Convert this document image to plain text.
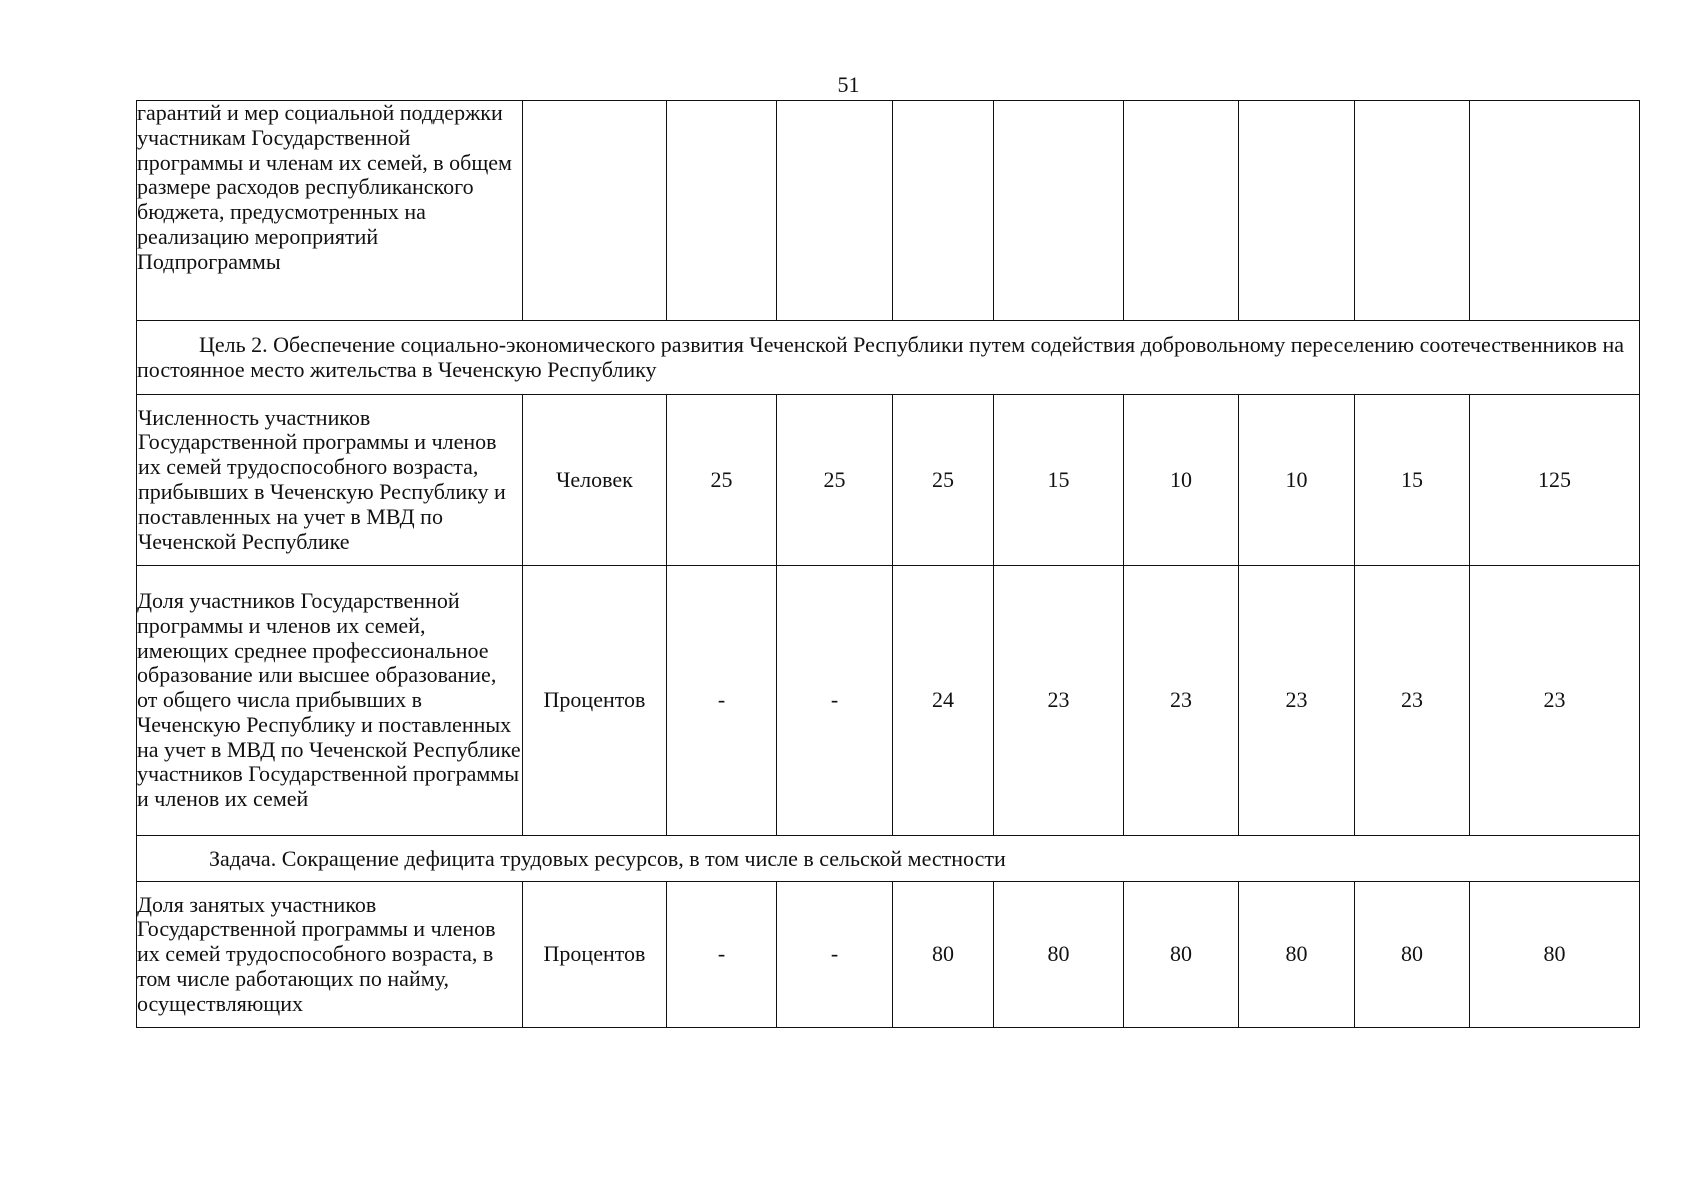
51
гарантий и мер социальной поддержки участникам Государственной программы и членам их семей, в общем размере расходов республиканского бюджета, предусмотренных на реализацию мероприятий Подпрограммы									
Цель 2. Обеспечение социально-экономического развития Чеченской Республики путем содействия добровольному переселению соотечественников на постоянное место жительства в Чеченскую Республику									
Численность участников Государственной программы и членов их семей трудоспособного возраста, прибывших в Чеченскую Республику и поставленных на учет в МВД по Чеченской Республике	Человек	25	25	25	15	10	10	15	125
Доля участников Государственной программы и членов их семей, имеющих среднее профессиональное образование или высшее образование, от общего числа прибывших в Чеченскую Республику и поставленных на учет в МВД по Чеченской Республике участников Государственной программы и членов их семей	Процентов	-	-	24	23	23	23	23	23
Задача. Сокращение дефицита трудовых ресурсов, в том числе в сельской местности									
Доля занятых участников Государственной программы и членов их семей трудоспособного возраста, в том числе работающих по найму, осуществляющих	Процентов	-	-	80	80	80	80	80	80
